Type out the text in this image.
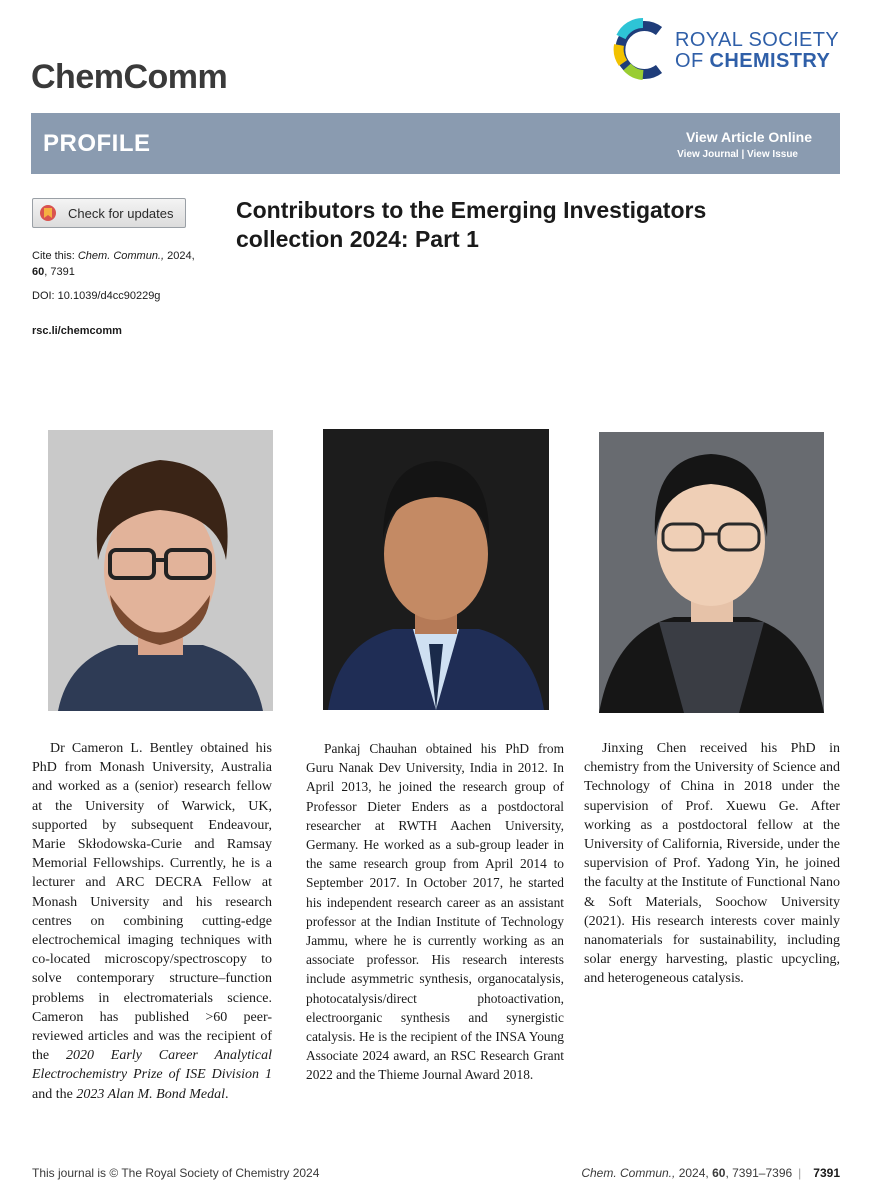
ChemComm
ROYAL SOCIETY
OF CHEMISTRY
PROFILE	View Article Online
View Journal | View Issue
Check for updates
Cite this: Chem. Commun., 2024,
60, 7391
DOI: 10.1039/d4cc90229g
rsc.li/chemcomm
Contributors to the Emerging Investigators collection 2024: Part 1

Dr Cameron L. Bentley obtained his PhD from Monash University, Australia and worked as a (senior) research fellow at the University of Warwick, UK, supported by subsequent Endeavour, Marie Skłodowska-Curie and Ramsay Memorial Fellowships. Currently, he is a lecturer and ARC DECRA Fellow at Monash University and his research centres on combining cutting-edge electrochemical imaging techniques with co-located microscopy/spectroscopy to solve contemporary structure–function problems in electromaterials science. Cameron has published >60 peer-reviewed articles and was the recipient of the 2020 Early Career Analytical Electrochemistry Prize of ISE Division 1 and the 2023 Alan M. Bond Medal.

Pankaj Chauhan obtained his PhD from Guru Nanak Dev University, India in 2012. In April 2013, he joined the research group of Professor Dieter Enders as a postdoctoral researcher at RWTH Aachen University, Germany. He worked as a sub-group leader in the same research group from April 2014 to September 2017. In October 2017, he started his independent research career as an assistant professor at the Indian Institute of Technology Jammu, where he is currently working as an associate professor. His research interests include asymmetric synthesis, organocatalysis, photocatalysis/direct photoactivation, electroorganic synthesis and synergistic catalysis. He is the recipient of the INSA Young Associate 2024 award, an RSC Research Grant 2022 and the Thieme Journal Award 2018.

Jinxing Chen received his PhD in chemistry from the University of Science and Technology of China in 2018 under the supervision of Prof. Xuewu Ge. After working as a postdoctoral fellow at the University of California, Riverside, under the supervision of Prof. Yadong Yin, he joined the faculty at the Institute of Functional Nano & Soft Materials, Soochow University (2021). His research interests cover mainly nanomaterials for sustainability, including solar energy harvesting, plastic upcycling, and heterogeneous catalysis.

This journal is © The Royal Society of Chemistry 2024	Chem. Commun., 2024, 60, 7391–7396 | 7391
